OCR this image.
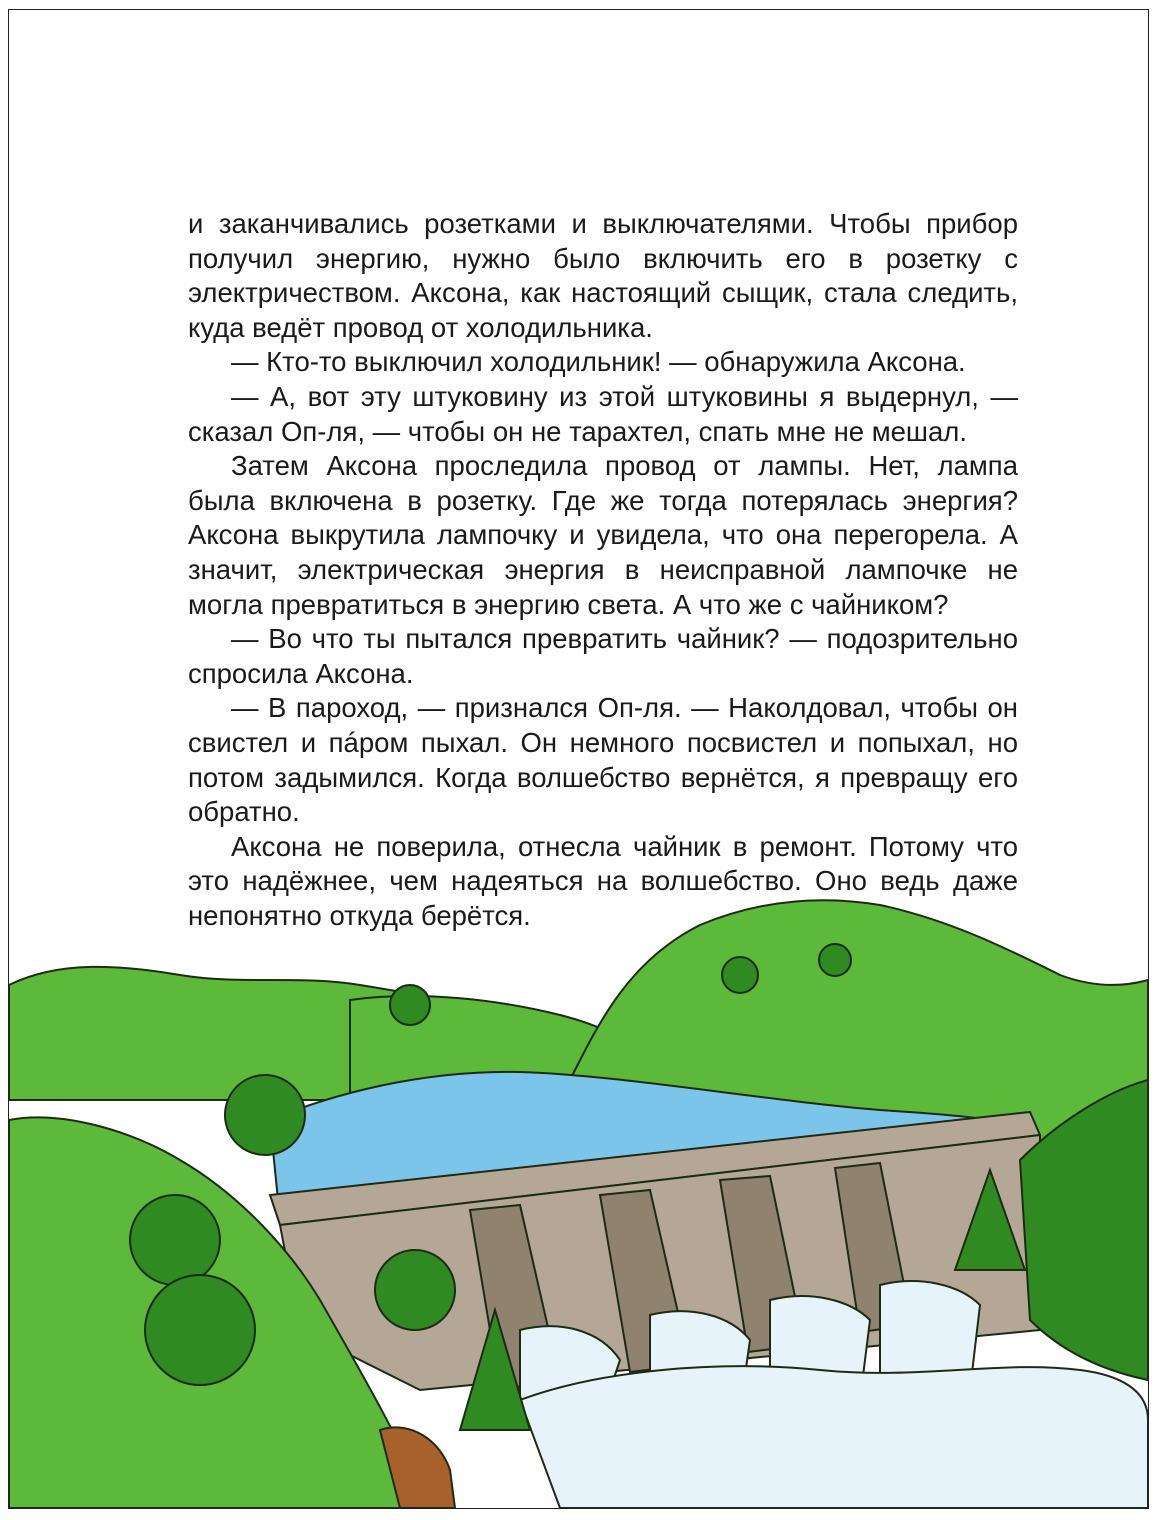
и заканчивались розетками и выключателями. Чтобы прибор получил энергию, нужно было включить его в розетку с электричеством. Аксона, как настоящий сыщик, стала следить, куда ведёт провод от холодильника.

— Кто-то выключил холодильник! — обнаружила Аксона.

— А, вот эту штуковину из этой штуковины я выдернул, — сказал Оп-ля, — чтобы он не тарахтел, спать мне не мешал.

Затем Аксона проследила провод от лампы. Нет, лампа была включена в розетку. Где же тогда потерялась энергия? Аксона выкрутила лампочку и увидела, что она перегорела. А значит, электрическая энергия в неисправной лампочке не могла превратиться в энергию света. А что же с чайником?

— Во что ты пытался превратить чайник? — подозрительно спросила Аксона.

— В пароход, — признался Оп-ля. — Наколдовал, чтобы он свистел и пáром пыхал. Он немного посвистел и попыхал, но потом задымился. Когда волшебство вернётся, я превращу его обратно.

Аксона не поверила, отнесла чайник в ремонт. Потому что это надёжнее, чем надеяться на волшебство. Оно ведь даже непонятно откуда берётся.
